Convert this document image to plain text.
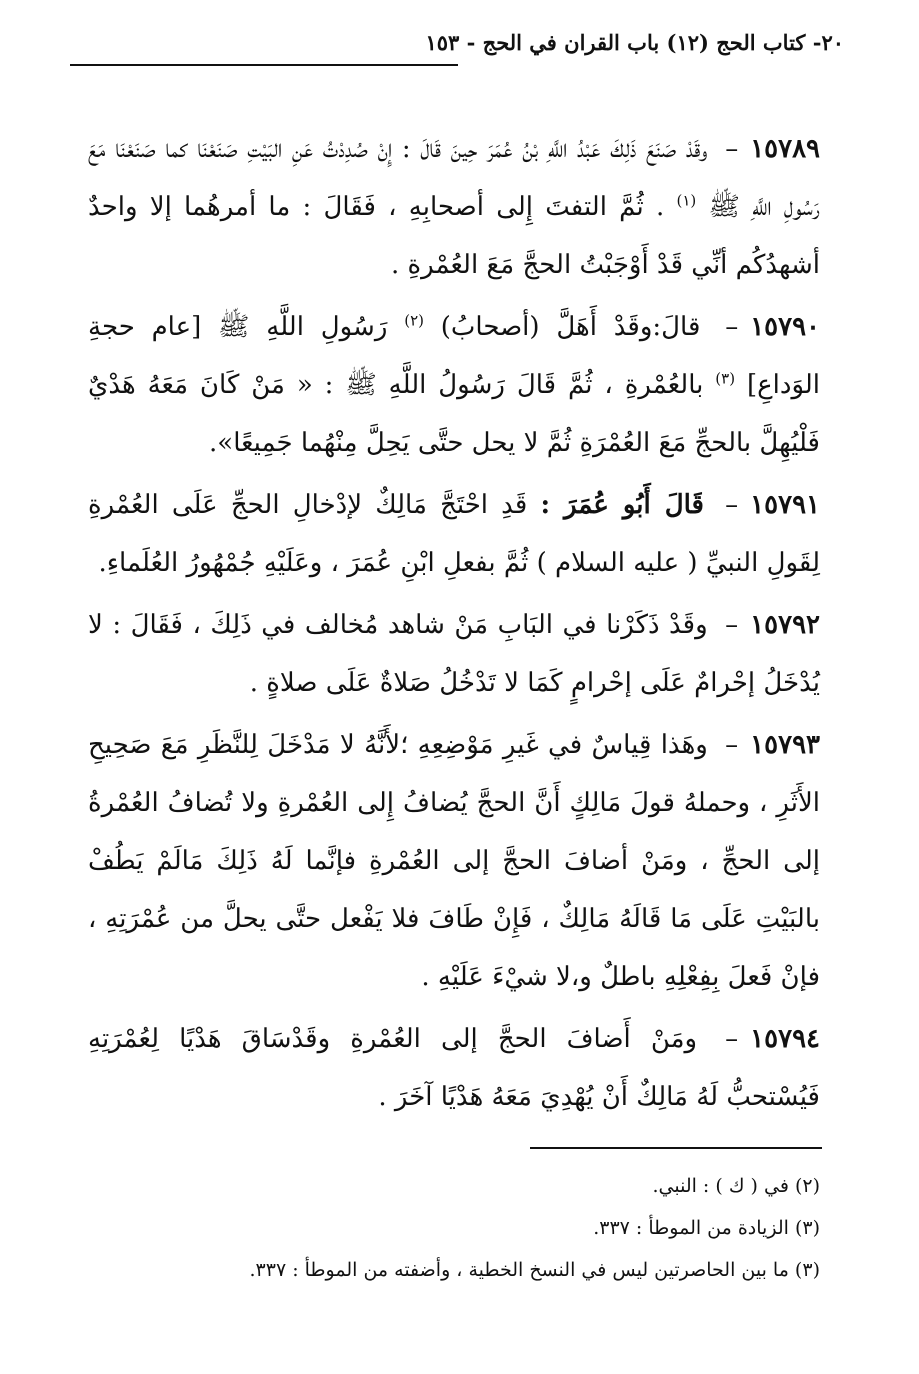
٢٠- كتاب الحج (١٢) باب القران في الحج - ١٥٣

١٥٧٨٩– وقَدْ صَنَعَ ذَلِكَ عَبْدُ اللَّهِ بْنُ عُمَرَ حِينَ قَالَ : إِنْ صُدِدْتُ عَنِ البَيْتِ صَنَعْنَا كما صَنَعْنَا مَعَ رَسُولِ اللَّهِ ﷺ $^{(١)}$ . ثُمَّ التفتَ إِلى أصحابِهِ ، فَقَالَ : ما أمرهُما إلا واحدٌ أشهدُكُم أنِّي قَدْ أَوْجَبْتُ الحجَّ مَعَ العُمْرةِ .

١٥٧٩٠– قالَ:وقَدْ أَهَلَّ (أصحابُ) $^{(٢)}$ رَسُولِ اللَّهِ ﷺ [عام حجةِ الوَداعِ] $^{(٣)}$ بالعُمْرةِ ، ثُمَّ قَالَ رَسُولُ اللَّهِ ﷺ : « مَنْ كَانَ مَعَهُ هَدْيٌ فَلْيُهِلَّ بالحجِّ مَعَ العُمْرَةِ ثُمَّ لا يحل حتَّى يَحِلَّ مِنْهُما جَمِيعًا».

١٥٧٩١– قَالَ أَبُو عُمَرَ : قَدِ احْتَجَّ مَالِكٌ لإدْخالِ الحجِّ عَلَى العُمْرةِ لِقَولِ النبيِّ ( عليه السلام ) ثُمَّ بفعلِ ابْنِ عُمَرَ ، وعَلَيْهِ جُمْهُورُ العُلَماءِ.

١٥٧٩٢– وقَدْ ذَكَرْنا في البَابِ مَنْ شاهد مُخالف في ذَلِكَ ، فَقَالَ : لا يُدْخَلُ إحْرامٌ عَلَى إحْرامٍ كَمَا لا تَدْخُلُ صَلاةٌ عَلَى صلاةٍ .

١٥٧٩٣– وهَذا قِياسٌ في غَيرِ مَوْضِعِهِ ؛لأَنَّهُ لا مَدْخَلَ لِلنَّظَرِ مَعَ صَحِيحِ الأَثَرِ ، وحملهُ قولَ مَالِكٍ أَنَّ الحجَّ يُضافُ إِلى العُمْرةِ ولا تُضافُ العُمْرةُ إلى الحجِّ ، ومَنْ أضافَ الحجَّ إلى العُمْرةِ فإنَّما لَهُ ذَلِكَ مَالَمْ يَطُفْ بالبَيْتِ عَلَى مَا قَالَهُ مَالِكٌ ، فَإِنْ طَافَ فلا يَفْعل حتَّى يحلَّ من عُمْرَتِهِ ، فإنْ فَعلَ بِفِعْلِهِ باطلٌ و،لا شيْءَ عَلَيْهِ .

١٥٧٩٤– ومَنْ أَضافَ الحجَّ إلى العُمْرةِ وقَدْسَاقَ هَدْيًا لِعُمْرَتِهِ فَيُسْتحبُّ لَهُ مَالِكٌ أَنْ يُهْدِيَ مَعَهُ هَدْيًا آخَرَ .

(٢) في ( ك ) : النبي.

(٣) الزيادة من الموطأ : ٣٣٧.

(٣) ما بين الحاصرتين ليس في النسخ الخطية ، وأضفته من الموطأ : ٣٣٧.
